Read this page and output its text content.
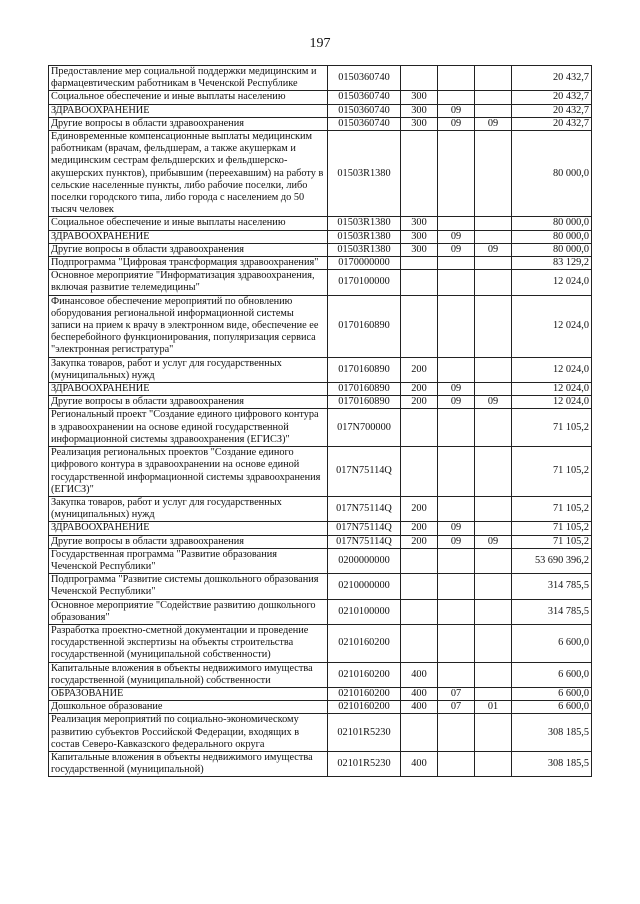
197
Предоставление мер социальной поддержки медицинским и фармацевтическим работникам в Чеченской Республике	0150360740				20 432,7
Социальное обеспечение и иные выплаты населению	0150360740	300			20 432,7
ЗДРАВООХРАНЕНИЕ	0150360740	300	09		20 432,7
Другие вопросы в области здравоохранения	0150360740	300	09	09	20 432,7
Единовременные компенсационные выплаты медицинским работникам (врачам, фельдшерам, а также акушеркам и медицинским сестрам фельдшерских и фельдшерско-акушерских пунктов), прибывшим (переехавшим) на работу в сельские населенные пункты, либо рабочие поселки, либо поселки городского типа, либо города с населением до 50 тысяч человек	01503R1380				80 000,0
Социальное обеспечение и иные выплаты населению	01503R1380	300			80 000,0
ЗДРАВООХРАНЕНИЕ	01503R1380	300	09		80 000,0
Другие вопросы в области здравоохранения	01503R1380	300	09	09	80 000,0
Подпрограмма "Цифровая трансформация здравоохранения"	0170000000				83 129,2
Основное мероприятие "Информатизация здравоохранения, включая развитие телемедицины"	0170100000				12 024,0
Финансовое обеспечение мероприятий по обновлению оборудования региональной информационной системы записи на прием к врачу в электронном виде, обеспечение ее бесперебойного функционирования, популяризация сервиса "электронная регистратура"	0170160890				12 024,0
Закупка товаров, работ и услуг для государственных (муниципальных) нужд	0170160890	200			12 024,0
ЗДРАВООХРАНЕНИЕ	0170160890	200	09		12 024,0
Другие вопросы в области здравоохранения	0170160890	200	09	09	12 024,0
Региональный проект "Создание единого цифрового контура в здравоохранении на основе единой государственной информационной системы здравоохранения (ЕГИСЗ)"	017N700000				71 105,2
Реализация региональных проектов "Создание единого цифрового контура в здравоохранении на основе единой государственной информационной системы здравоохранения (ЕГИСЗ)"	017N75114Q				71 105,2
Закупка товаров, работ и услуг для государственных (муниципальных) нужд	017N75114Q	200			71 105,2
ЗДРАВООХРАНЕНИЕ	017N75114Q	200	09		71 105,2
Другие вопросы в области здравоохранения	017N75114Q	200	09	09	71 105,2
Государственная программа "Развитие образования Чеченской Республики"	0200000000				53 690 396,2
Подпрограмма "Развитие системы дошкольного образования Чеченской Республики"	0210000000				314 785,5
Основное мероприятие "Содействие развитию дошкольного образования"	0210100000				314 785,5
Разработка проектно-сметной документации и проведение государственной экспертизы на объекты строительства государственной (муниципальной собственности)	0210160200				6 600,0
Капитальные вложения в объекты недвижимого имущества государственной (муниципальной) собственности	0210160200	400			6 600,0
ОБРАЗОВАНИЕ	0210160200	400	07		6 600,0
Дошкольное образование	0210160200	400	07	01	6 600,0
Реализация мероприятий по социально-экономическому развитию субъектов Российской Федерации, входящих в состав Северо-Кавказского федерального округа	02101R5230				308 185,5
Капитальные вложения в объекты недвижимого имущества государственной (муниципальной)	02101R5230	400			308 185,5
